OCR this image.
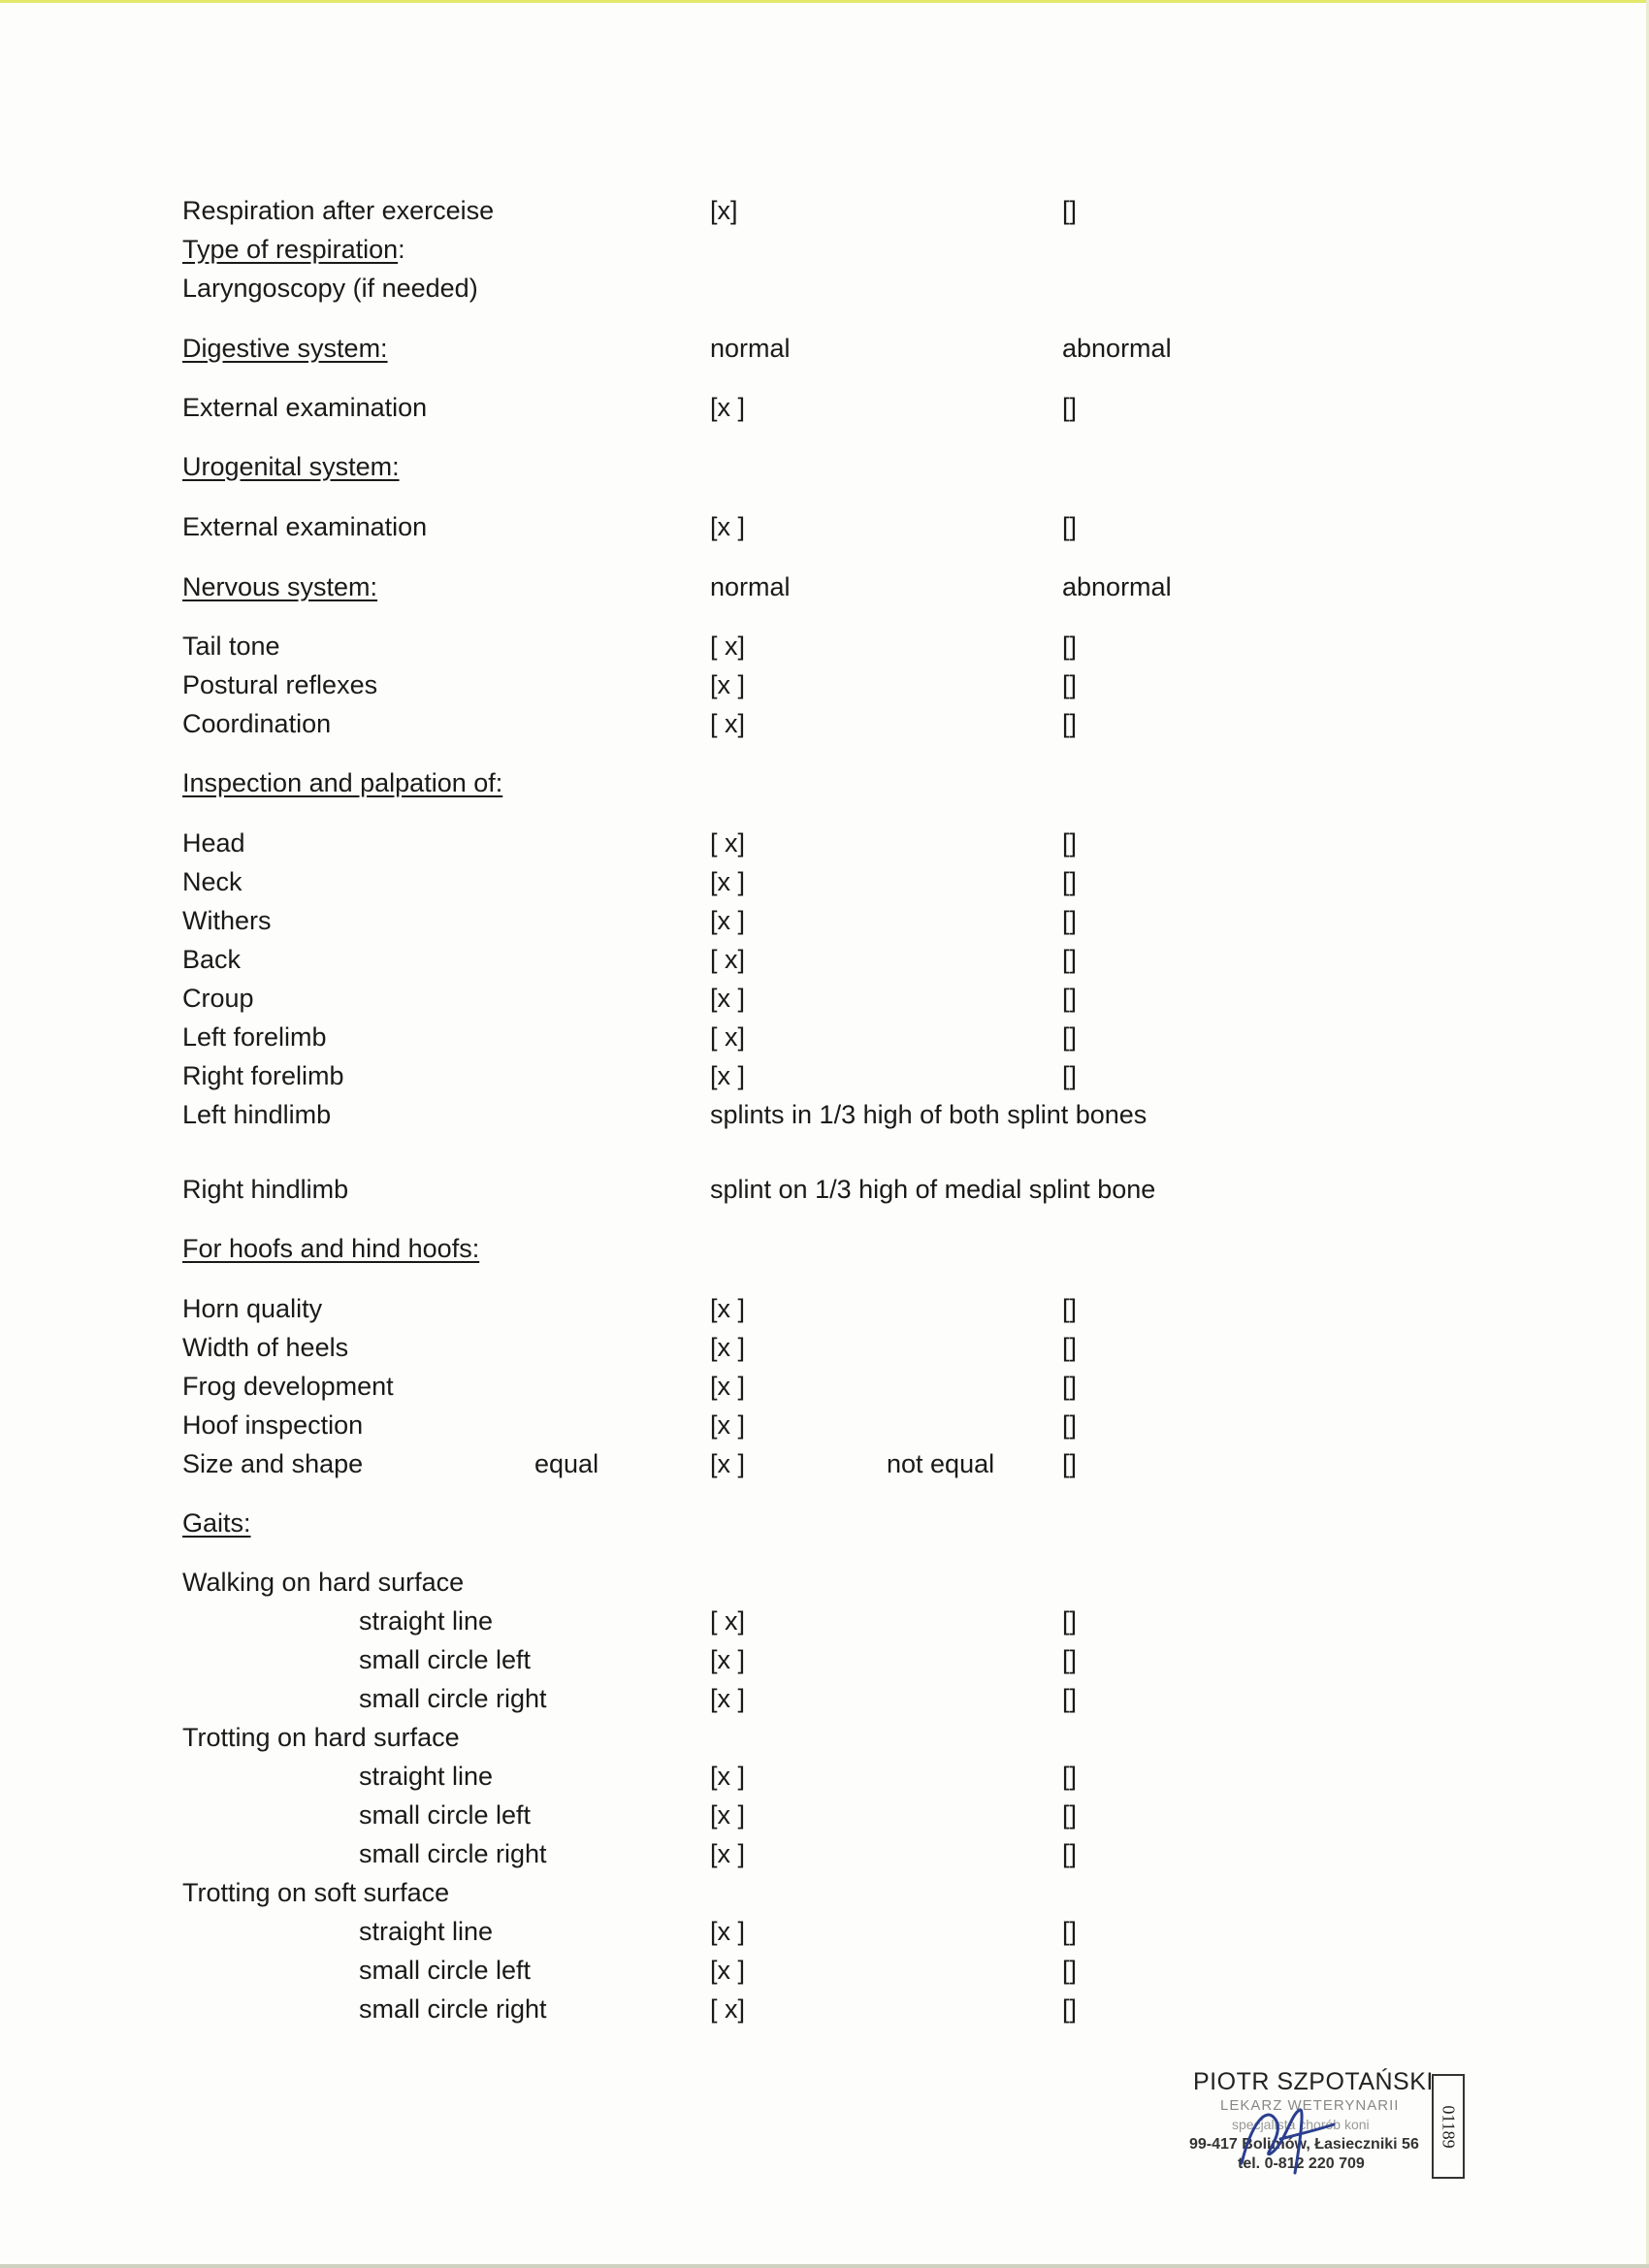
Respiration after exerceise	[x]	[]
Type of respiration:
Laryngoscopy (if needed)
Digestive system:	normal	abnormal
External examination	[x ]	[]
Urogenital system:
External examination	[x ]	[]
Nervous system:	normal	abnormal
Tail tone	[ x]	[]
Postural reflexes	[x ]	[]
Coordination	[ x]	[]
Inspection and palpation of:
Head	[ x]	[]
Neck	[x ]	[]
Withers	[x ]	[]
Back	[ x]	[]
Croup	[x ]	[]
Left forelimb	[ x]	[]
Right forelimb	[x ]	[]
Left hindlimb	splints in 1/3 high of both splint bones
Right hindlimb	splint on 1/3 high of medial splint bone
For hoofs and hind hoofs:
Horn quality	[x ]	[]
Width of heels	[x ]	[]
Frog development	[x ]	[]
Hoof inspection	[x ]	[]
Size and shape	equal	[x ]	not equal	[]
Gaits:
Walking on hard surface
straight line	[ x]	[]
small circle left	[x ]	[]
small circle right	[x ]	[]
Trotting on hard surface
straight line	[x ]	[]
small circle left	[x ]	[]
small circle right	[x ]	[]
Trotting on soft surface
straight line	[x ]	[]
small circle left	[x ]	[]
small circle right	[ x]	[]
PIOTR SZPOTAŃSKI
LEKARZ WETERYNARII
specjalista chorób koni
99-417 Bolimów, Łasieczniki 56
tel. 0-812 220 709
01189
